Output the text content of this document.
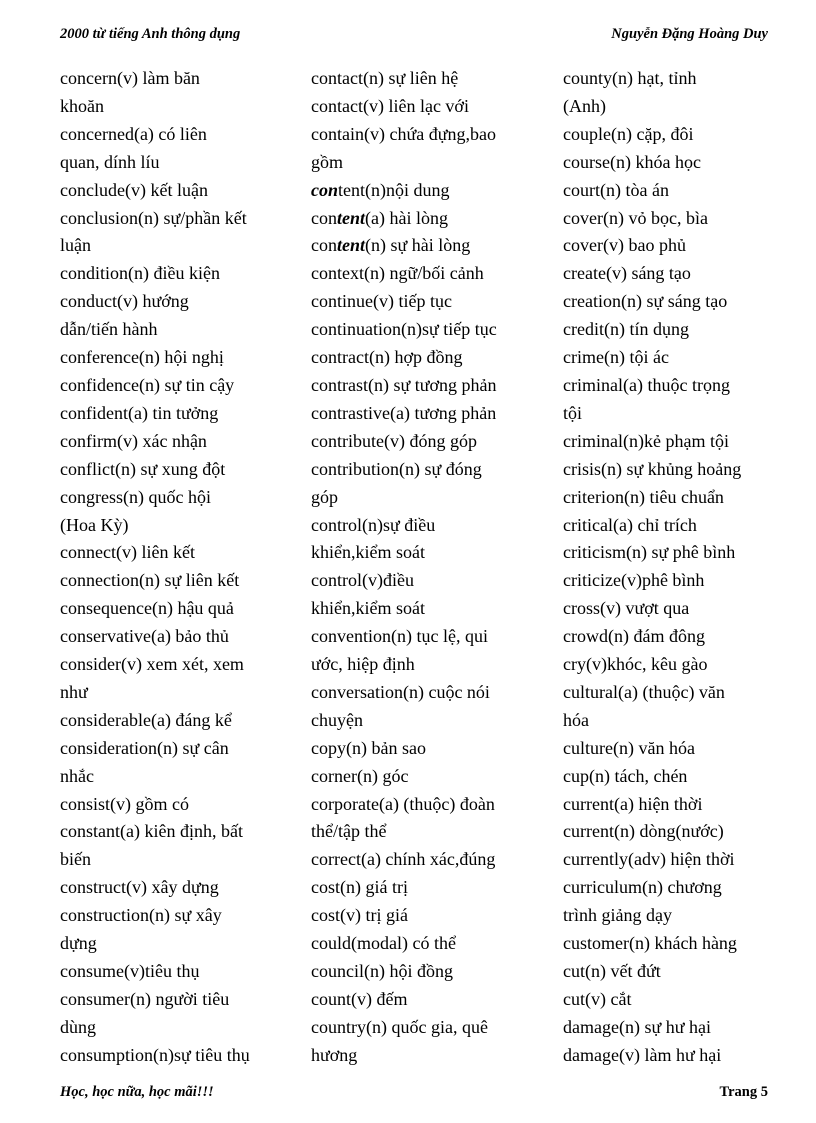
2000 từ tiếng Anh thông dụng	Nguyễn Đặng Hoàng Duy
concern(v) làm băn
khoăn
concerned(a) có liên
quan, dính líu
conclude(v) kết luận
conclusion(n) sự/phần kết
luận
condition(n) điều kiện
conduct(v) hướng
dẫn/tiến hành
conference(n) hội nghị
confidence(n) sự tin cậy
confident(a) tin tưởng
confirm(v) xác nhận
conflict(n) sự xung đột
congress(n) quốc hội
(Hoa Kỳ)
connect(v) liên kết
connection(n) sự liên kết
consequence(n) hậu quả
conservative(a) bảo thủ
consider(v) xem xét, xem
như
considerable(a) đáng kể
consideration(n) sự cân
nhắc
consist(v) gồm có
constant(a) kiên định, bất
biến
construct(v) xây dựng
construction(n) sự xây
dựng
consume(v)tiêu thụ
consumer(n) người tiêu
dùng
consumption(n)sự tiêu thụ
contact(n) sự liên hệ
contact(v) liên lạc với
contain(v) chứa đựng,bao
gồm
content(n)nội dung
content(a) hài lòng
content(n) sự hài lòng
context(n) ngữ/bối cảnh
continue(v) tiếp tục
continuation(n)sự tiếp tục
contract(n) hợp đồng
contrast(n) sự tương phản
contrastive(a) tương phản
contribute(v) đóng góp
contribution(n) sự đóng
góp
control(n)sự điều
khiển,kiểm soát
control(v)điều
khiển,kiểm soát
convention(n) tục lệ, qui
ước, hiệp định
conversation(n) cuộc nói
chuyện
copy(n) bản sao
corner(n) góc
corporate(a) (thuộc) đoàn
thể/tập thể
correct(a) chính xác,đúng
cost(n) giá trị
cost(v) trị giá
could(modal) có thể
council(n) hội đồng
count(v) đếm
country(n) quốc gia, quê
hương
county(n) hạt, tỉnh
(Anh)
couple(n) cặp, đôi
course(n) khóa học
court(n) tòa án
cover(n) vỏ bọc, bìa
cover(v) bao phủ
create(v) sáng tạo
creation(n) sự sáng tạo
credit(n) tín dụng
crime(n) tội ác
criminal(a) thuộc trọng
tội
criminal(n)kẻ phạm tội
crisis(n) sự khủng hoảng
criterion(n) tiêu chuẩn
critical(a) chỉ trích
criticism(n) sự phê bình
criticize(v)phê bình
cross(v) vượt qua
crowd(n) đám đông
cry(v)khóc, kêu gào
cultural(a) (thuộc) văn
hóa
culture(n) văn hóa
cup(n) tách, chén
current(a) hiện thời
current(n) dòng(nước)
currently(adv) hiện thời
curriculum(n) chương
trình giảng dạy
customer(n) khách hàng
cut(n) vết đứt
cut(v) cắt
damage(n) sự hư hại
damage(v) làm hư hại
Học, học nữa, học mãi!!!	Trang 5
